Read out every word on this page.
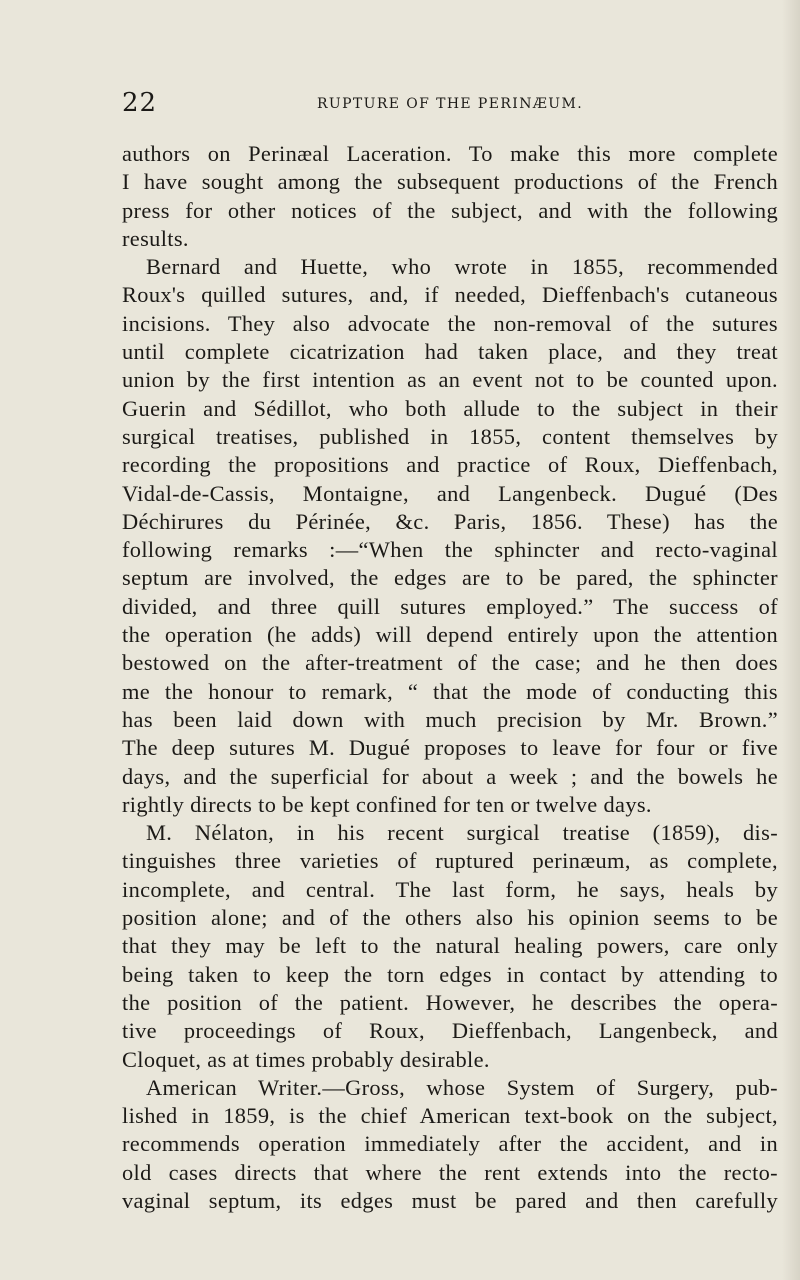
22	RUPTURE OF THE PERINÆUM.
authors on Perinæal Laceration. To make this more complete
I have sought among the subsequent productions of the French
press for other notices of the subject, and with the following
results.
Bernard and Huette, who wrote in 1855, recommended
Roux's quilled sutures, and, if needed, Dieffenbach's cutaneous
incisions. They also advocate the non-removal of the sutures
until complete cicatrization had taken place, and they treat
union by the first intention as an event not to be counted upon.
Guerin and Sédillot, who both allude to the subject in their
surgical treatises, published in 1855, content themselves by
recording the propositions and practice of Roux, Dieffenbach,
Vidal-de-Cassis, Montaigne, and Langenbeck. Dugué (Des
Déchirures du Périnée, &c. Paris, 1856. These) has the
following remarks :—“When the sphincter and recto-vaginal
septum are involved, the edges are to be pared, the sphincter
divided, and three quill sutures employed.” The success of
the operation (he adds) will depend entirely upon the attention
bestowed on the after-treatment of the case; and he then does
me the honour to remark, “ that the mode of conducting this
has been laid down with much precision by Mr. Brown.”
The deep sutures M. Dugué proposes to leave for four or five
days, and the superficial for about a week ; and the bowels he
rightly directs to be kept confined for ten or twelve days.
M. Nélaton, in his recent surgical treatise (1859), dis-
tinguishes three varieties of ruptured perinæum, as complete,
incomplete, and central. The last form, he says, heals by
position alone; and of the others also his opinion seems to be
that they may be left to the natural healing powers, care only
being taken to keep the torn edges in contact by attending to
the position of the patient. However, he describes the opera-
tive proceedings of Roux, Dieffenbach, Langenbeck, and
Cloquet, as at times probably desirable.
American Writer.—Gross, whose System of Surgery, pub-
lished in 1859, is the chief American text-book on the subject,
recommends operation immediately after the accident, and in
old cases directs that where the rent extends into the recto-
vaginal septum, its edges must be pared and then carefully
